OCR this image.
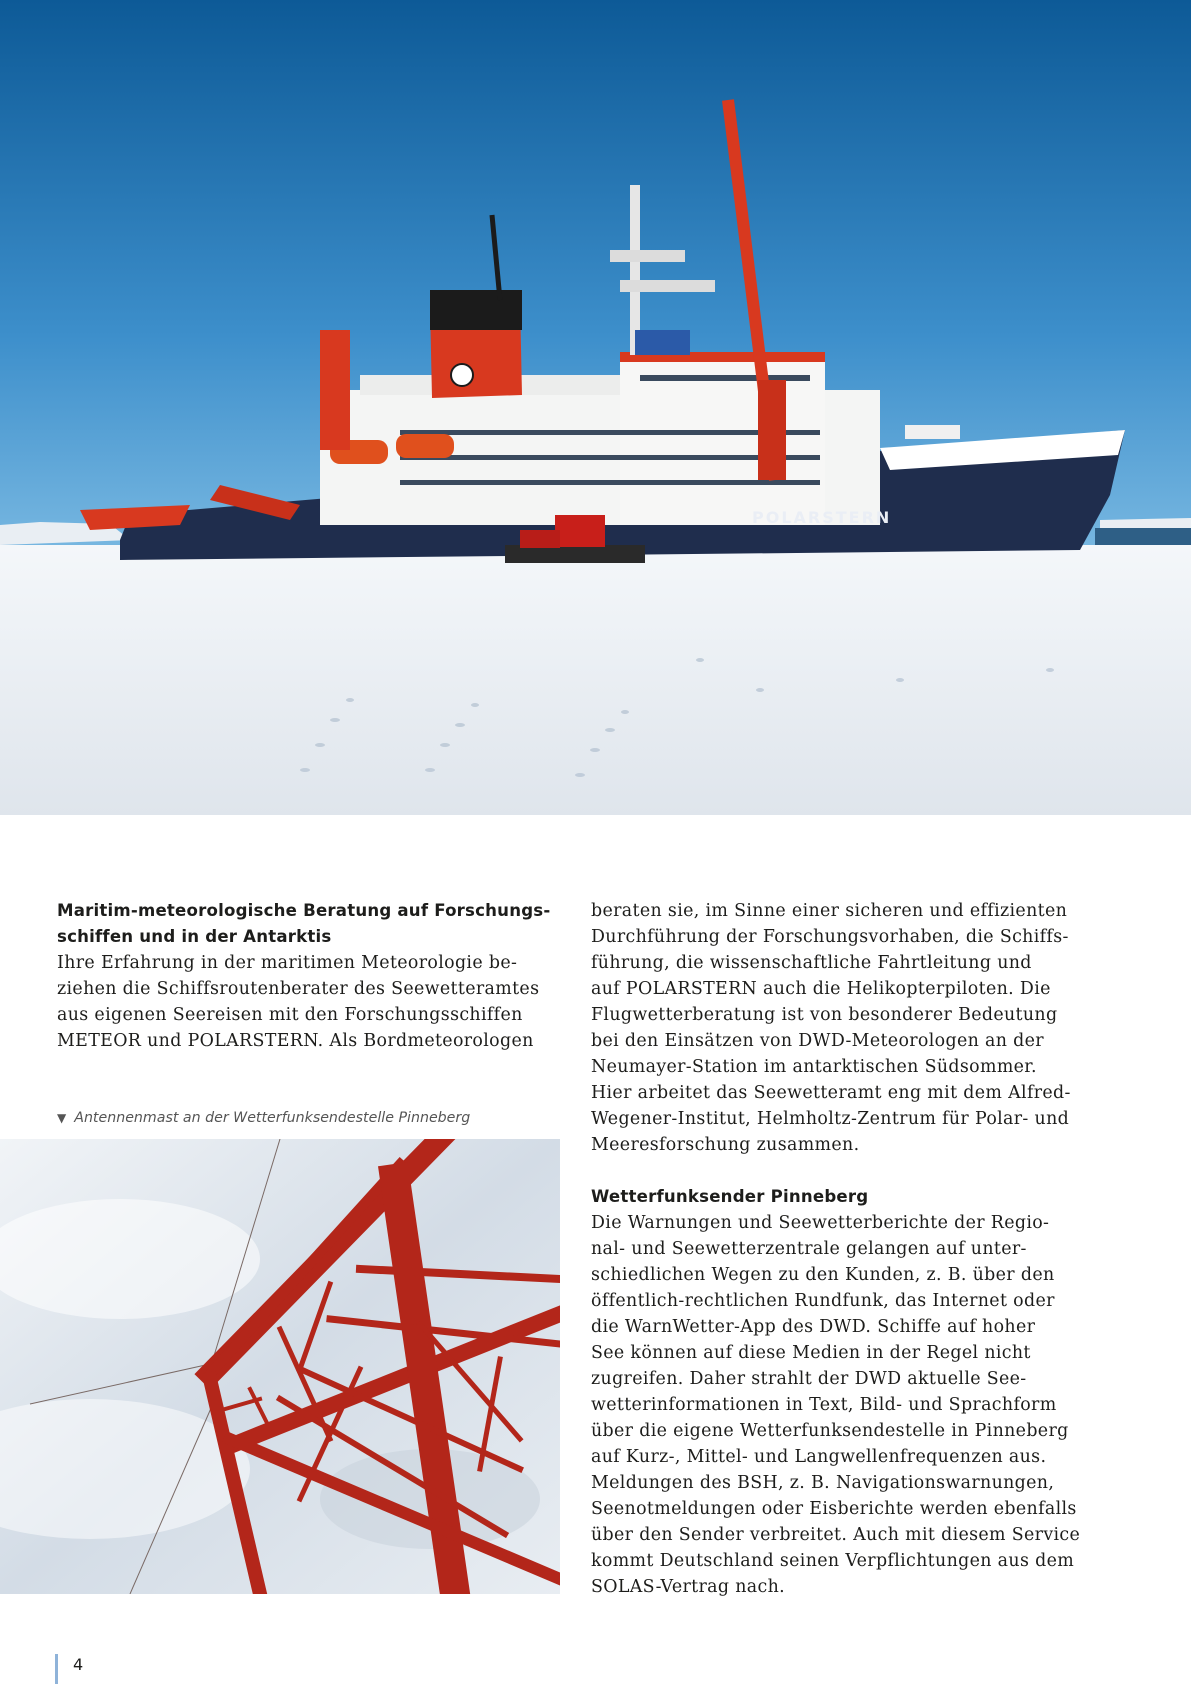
POLARSTERN
Maritim-meteorologische Beratung auf Forschungs-
schiffen und in der Antarktis
Ihre Erfahrung in der maritimen Meteorologie be-
ziehen die Schiffsroutenberater des Seewetteramtes
aus eigenen Seereisen mit den Forschungsschiffen
METEOR und POLARSTERN. Als Bordmeteorologen
▼ Antennenmast an der Wetterfunksendestelle Pinneberg
beraten sie, im Sinne einer sicheren und effizienten
Durchführung der Forschungsvorhaben, die Schiffs-
führung, die wissenschaftliche Fahrtleitung und
auf POLARSTERN auch die Helikopterpiloten. Die
Flugwetterberatung ist von besonderer Bedeutung
bei den Einsätzen von DWD-Meteorologen an der
Neumayer-Station im antarktischen Südsommer.
Hier arbeitet das Seewetteramt eng mit dem Alfred-
Wegener-Institut, Helmholtz-Zentrum für Polar- und
Meeresforschung zusammen.
Wetterfunksender Pinneberg
Die Warnungen und Seewetterberichte der Regio-
nal- und Seewetterzentrale gelangen auf unter-
schiedlichen Wegen zu den Kunden, z. B. über den
öffentlich-rechtlichen Rundfunk, das Internet oder
die WarnWetter-App des DWD. Schiffe auf hoher
See können auf diese Medien in der Regel nicht
zugreifen. Daher strahlt der DWD aktuelle See-
wetterinformationen in Text, Bild- und Sprachform
über die eigene Wetterfunksendestelle in Pinneberg
auf Kurz-, Mittel- und Langwellenfrequenzen aus.
Meldungen des BSH, z. B. Navigationswarnungen,
Seenotmeldungen oder Eisberichte werden ebenfalls
über den Sender verbreitet. Auch mit diesem Service
kommt Deutschland seinen Verpflichtungen aus dem
SOLAS-Vertrag nach.
4
